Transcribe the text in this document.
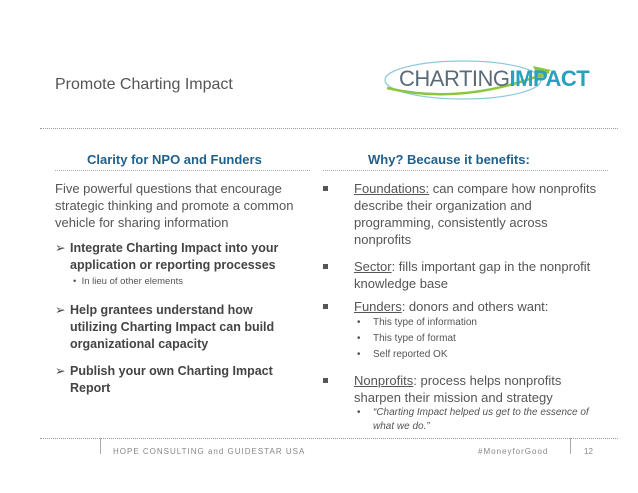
Promote Charting Impact	CHARTINGIMPACT
Clarity for NPO and Funders
Five powerful questions that encourage strategic thinking and promote a common vehicle for sharing information
➢ Integrate Charting Impact into your application or reporting processes
•  In lieu of other elements
➢ Help grantees understand how utilizing Charting Impact can build organizational capacity
➢ Publish your own Charting Impact Report
Why? Because it benefits:
Foundations: can compare how nonprofits describe their organization and programming, consistently across nonprofits
Sector: fills important gap in the nonprofit knowledge base
Funders: donors and others want:
• This type of information
• This type of format
• Self reported OK
Nonprofits: process helps nonprofits sharpen their mission and strategy
•	“Charting Impact helped us get to the essence of what we do.”
HOPE CONSULTING and GUIDESTAR USA	#MoneyforGood	12
